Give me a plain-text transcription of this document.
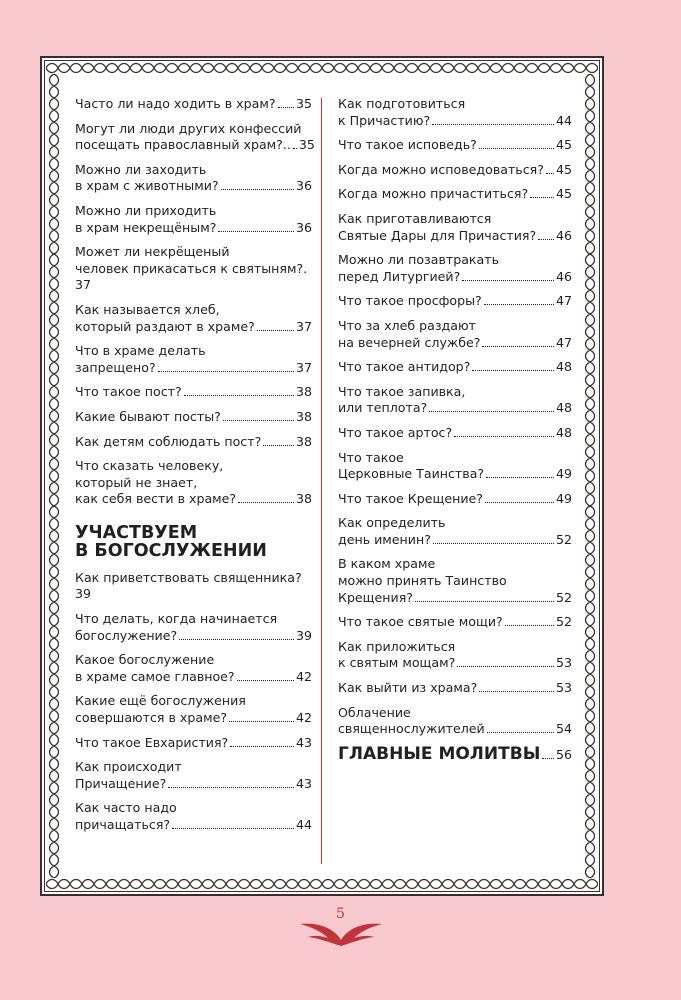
Часто ли надо ходить в храм? 35
Могут ли люди других конфессий
посещать православный храм?.. 35
Можно ли заходить
в храм с животными?	36
Можно ли приходить
в храм некрещёным?	36
Может ли некрёщеный
человек прикасаться к святыням?.
37
Как называется хлеб,
который раздают в храме?	37
Что в храме делать
запрещено?	37
Что такое пост?	38
Какие бывают посты?	38
Как детям соблюдать пост?	38
Что сказать человеку,
который не знает,
как себя вести в храме?	38
УЧАСТВУЕМ
В БОГОСЛУЖЕНИИ
Как приветствовать священника?
39
Что делать, когда начинается
богослужение?	39
Какое богослужение
в храме самое главное?	42
Какие ещё богослужения
совершаются в храме?	42
Что такое Евхаристия?	43
Как происходит
Причащение?	43
Как часто надо
причащаться?	44
Как подготовиться
к Причастию?	44
Что такое исповедь?	45
Когда можно исповедоваться? 45
Когда можно причаститься? 45
Как приготавливаются
Святые Дары для Причастия? 46
Можно ли позавтракать
перед Литургией?	46
Что такое просфоры?	47
Что за хлеб раздают
на вечерней службе?	47
Что такое антидор?	48
Что такое запивка,
или теплота?	48
Что такое артос?	48
Что такое
Церковные Таинства?	49
Что такое Крещение?	49
Как определить
день именин?	52
В каком храме
можно принять Таинство
Крещения?	52
Что такое святые мощи?	52
Как приложиться
к святым мощам?	53
Как выйти из храма?	53
Облачение
священнослужителей	54
ГЛАВНЫЕ МОЛИТВЫ 56
5
